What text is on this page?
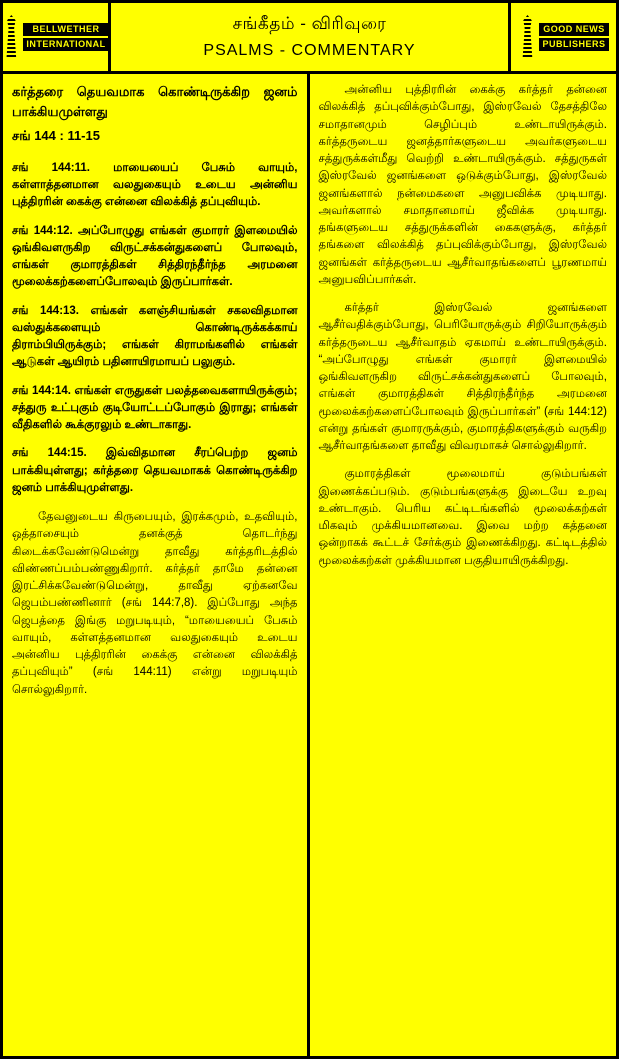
BELLWETHER
INTERNATIONAL
சங்கீதம் - விரிவுரை
PSALMS - COMMENTARY
GOOD NEWS
PUBLISHERS

கர்த்தரை தெயவமாக கொண்டிருக்கிற ஜனம் பாக்கியமுள்ளது

சங் 144 : 11-15

சங் 144:11. மாயையைப் பேசும் வாயும், கள்ளாத்தனமான வலதுகையும் உடைய அன்னிய புத்திரரின் கைக்கு என்னை விலக்கித் தப்புவியும்.

சங் 144:12. அப்போழுது எங்கள் குமாரர் இளமையில் ஒங்கிவளருகிற விருட்சக்கன்துகளைப் போலவும், எங்கள் குமாரத்திகள் சித்திரந்தீர்ந்த அரமனை மூலைக்கற்களைப்போலவும் இருப்பார்கள்.

சங் 144:13. எங்கள் களஞ்சியங்கள் சகலவிதமான வஸ்துக்களையும் கொண்டிருக்கக்காய் திராம்பியிருக்கும்; எங்கள் கிராமங்களில் எங்கள் ஆடுகள் ஆயிரம் பதினாயிரமாயப் பலுகும்.

சங் 144:14. எங்கள் எருதுகள் பலத்தவைகளாயிருக்கும்; சத்துரு உட்புகும் குடியோட்டப்போகும் இராது; எங்கள் வீதிகளில் கூக்குரலும் உண்டாகாது.

சங் 144:15. இவ்விதமான சீரப்பெற்ற ஜனம் பாக்கியுள்ளது; கர்த்தரை தெயவமாகக் கொண்டிருக்கிற ஜனம் பாக்கியுமுள்ளது.

தேவனுடைய கிருபையும், இரக்கமும், உதவியும், ஒத்தாசையும் தனக்குத் தொடர்ந்து கிடைக்கவேண்டுமென்று தாவீது கர்த்தரிடத்தில் விண்ணப்பம்பண்ணுகிறார். கர்த்தர் தாமே தன்னை இரட்சிக்கவேண்டுமென்று, தாவீது ஏற்கனவே ஜெபம்பண்ணினார் (சங் 144:7,8). இப்போது அந்த ஜெபத்தை இங்கு மறுபடியும், “மாயையைப் பேசும் வாயும், கள்ளத்தனமான வலதுகையும் உடைய அன்னிய புத்திரரின் கைக்கு என்னை விலக்கித் தப்புவியும்” (சங் 144:11) என்று மறுபடியும் சொல்லுகிறார்.

அன்னிய புத்திரரின் கைக்கு கர்த்தர் தன்னை விலக்கித் தப்புவிக்கும்போது, இஸ்ரவேல் தேசத்திலே சமாதானமும் செழிப்பும் உண்டாயிருக்கும். கர்த்தருடைய ஜனத்தார்களுடைய அவர்களுடைய சத்துருக்கள்மீது வெற்றி உண்டாயிருக்கும். சத்துருகள் இஸ்ரவேல் ஜனங்களை ஒடுக்கும்போது, இஸ்ரவேல் ஜனங்களால் நன்மைகளை அனுபவிக்க முடியாது. அவர்களால் சமாதானமாய் ஜீவிக்க முடியாது. தங்களுடைய சத்துருக்களின் கைகளுக்கு, கர்த்தர் தங்களை விலக்கித் தப்புவிக்கும்போது, இஸ்ரவேல் ஜனங்கள் கர்த்தருடைய ஆசீர்வாதங்களைப் பூரணமாய் அனுபவிப்பார்கள்.

கர்த்தர் இஸ்ரவேல் ஜனங்களை ஆசீர்வதிக்கும்போது, பெரியோருக்கும் சிறியோருக்கும் கர்த்தருடைய ஆசீர்வாதம் ஏகமாய் உண்டாயிருக்கும். “அப்போழுது எங்கள் குமாரர் இளமையில் ஒங்கிவளருகிற விருட்சக்கன்துகளைப் போலவும், எங்கள் குமாரத்திகள் சித்திரந்தீர்ந்த அரமனை மூலைக்கற்களைப்போலவும் இருப்பார்கள்” (சங் 144:12) என்று தங்கள் குமாரருக்கும், குமாரத்திகளுக்கும் வருகிற ஆசீர்வாதங்களை தாவீது விவரமாகச் சொல்லுகிறார்.

குமாரத்திகள் மூலைமாய் குடும்பங்கள் இணைக்கப்படும். குடும்பங்களுக்கு இடையே உறவு உண்டாகும். பெரிய கட்டிடங்களில் மூலைக்கற்கள் மிகவும் முக்கியமானவை. இவை மற்ற கத்தனை ஒன்றாகக் கூட்டச் சேர்க்கும் இணைக்கிறது. கட்டிடத்தில் மூலைக்கற்கள் முக்கியமான பகுதியாயிருக்கிறது.
